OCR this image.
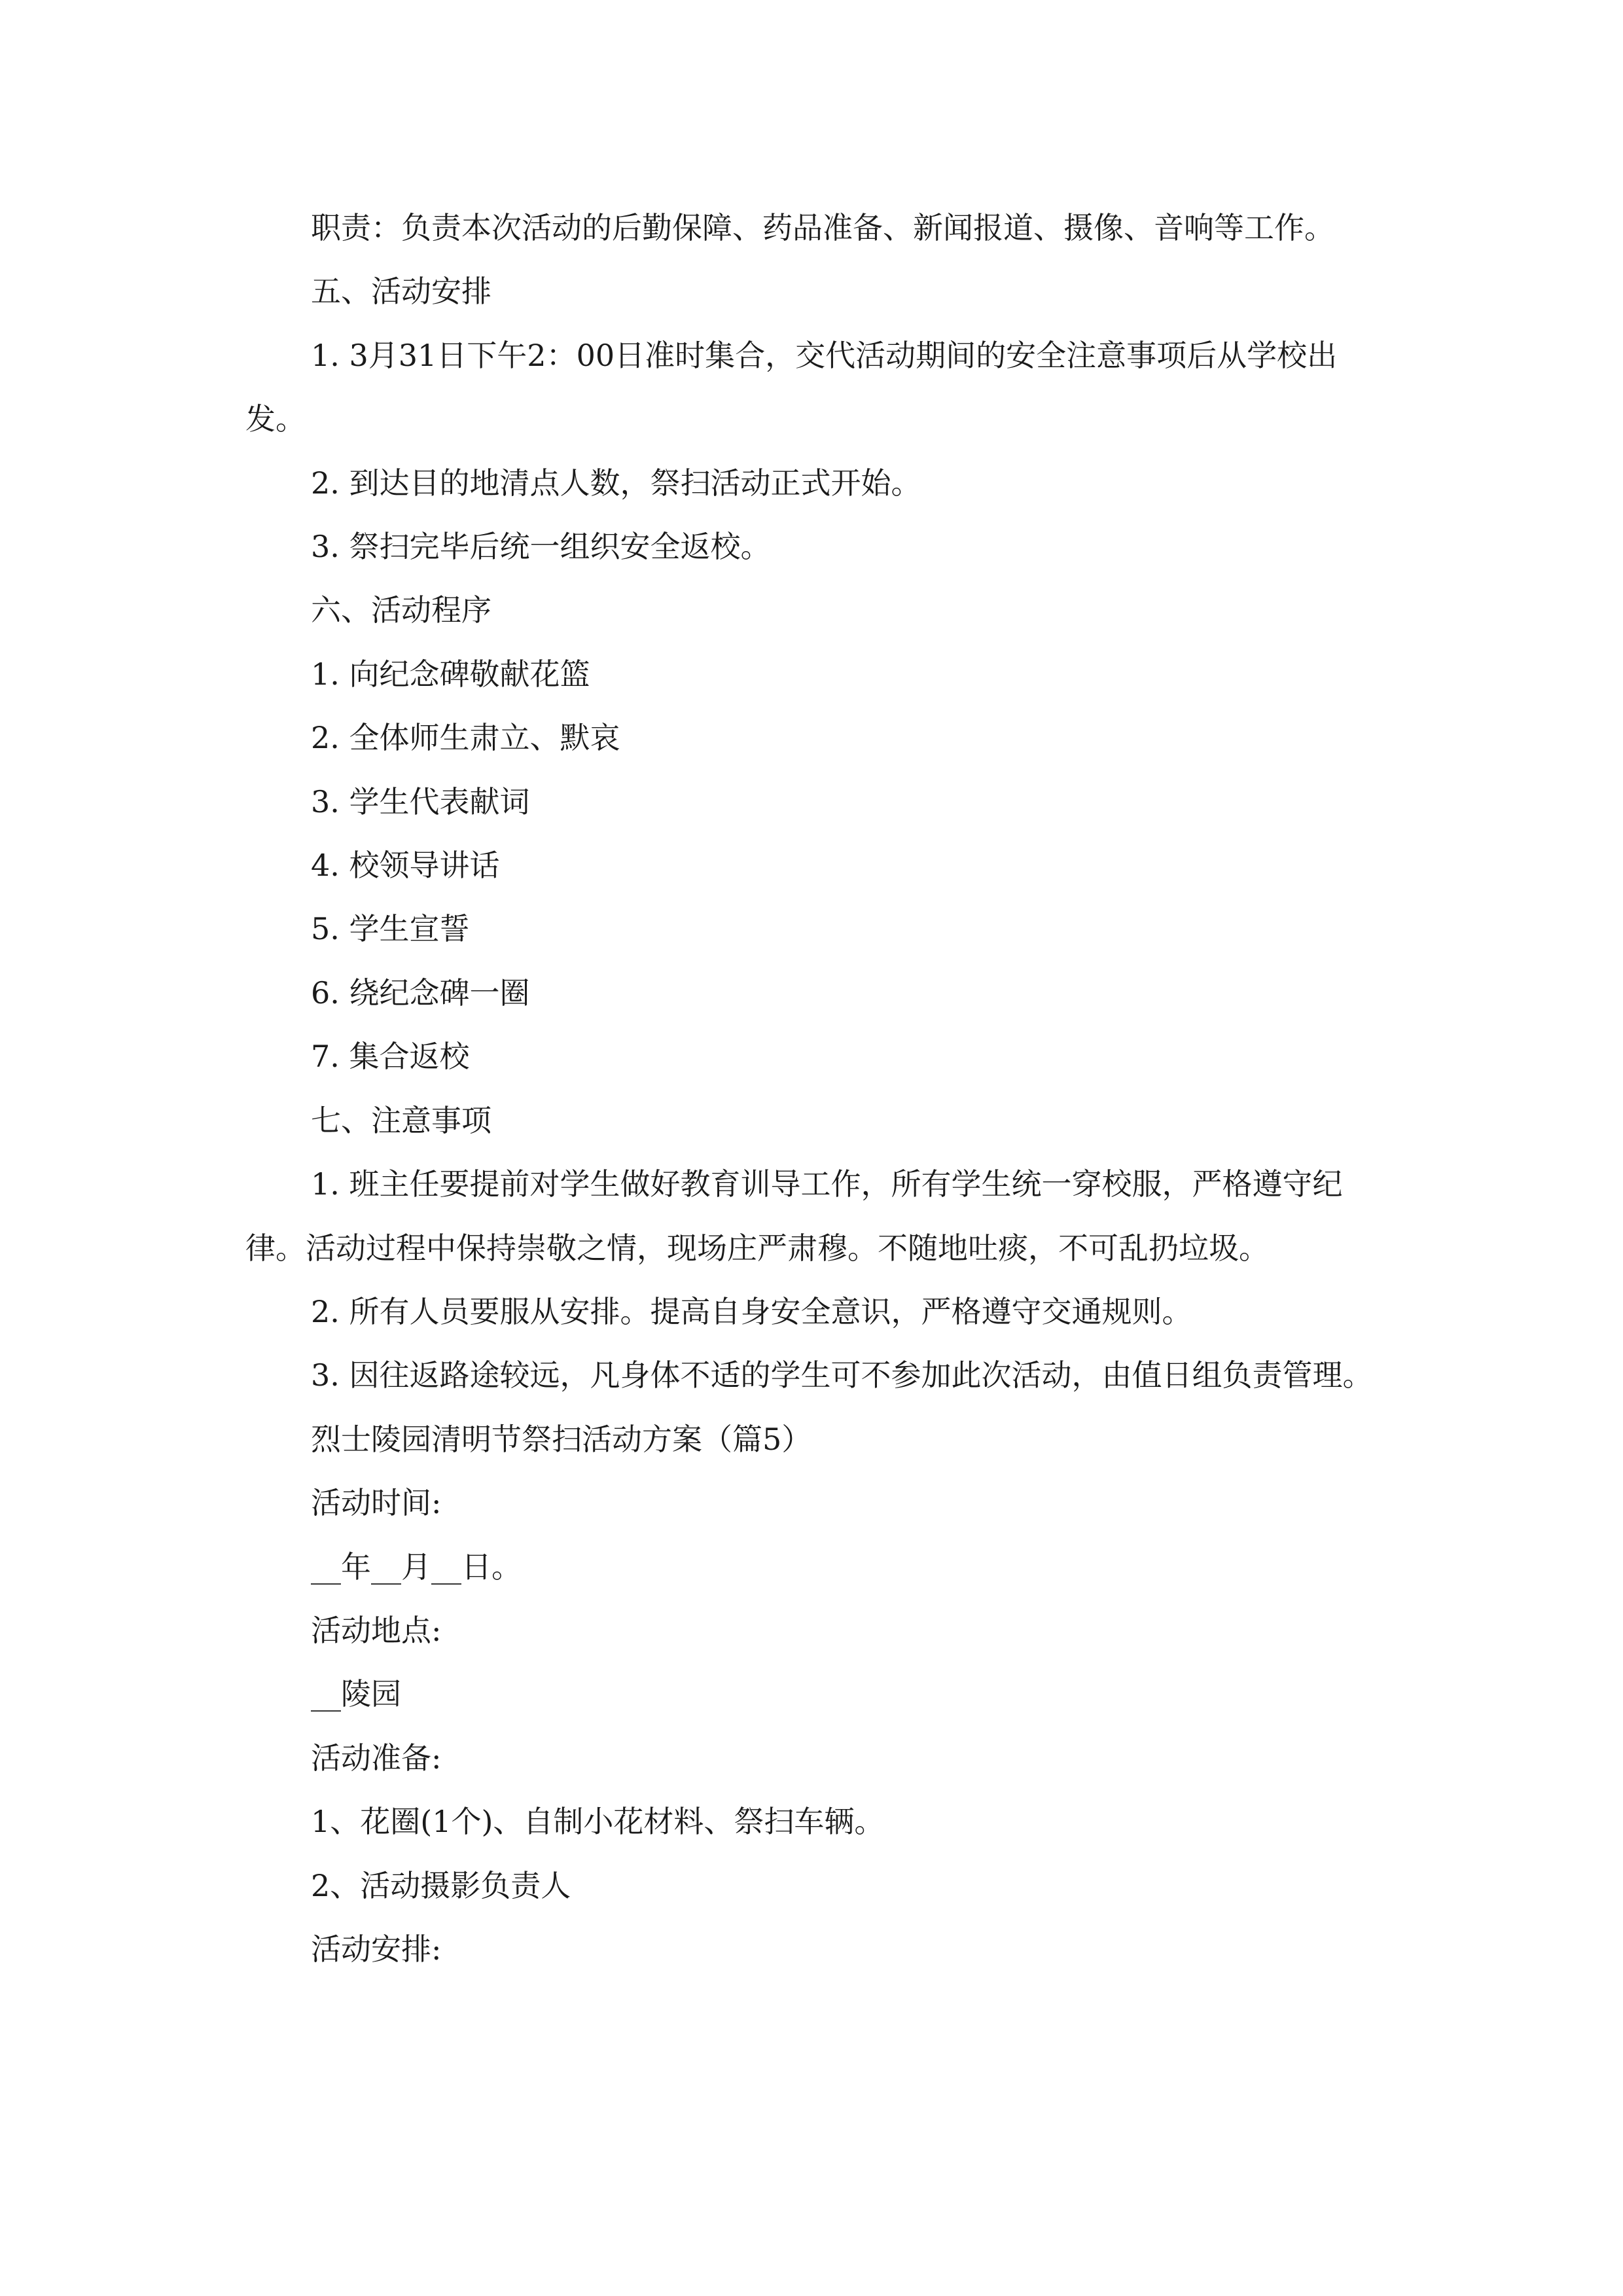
职责：负责本次活动的后勤保障、药品准备、新闻报道、摄像、音响等工作。

五、活动安排

1. 3月31日下午2：00日准时集合，交代活动期间的安全注意事项后从学校出发。

2. 到达目的地清点人数，祭扫活动正式开始。

3. 祭扫完毕后统一组织安全返校。

六、活动程序

1. 向纪念碑敬献花篮

2. 全体师生肃立、默哀

3. 学生代表献词

4. 校领导讲话

5. 学生宣誓

6. 绕纪念碑一圈

7. 集合返校

七、注意事项

1. 班主任要提前对学生做好教育训导工作，所有学生统一穿校服，严格遵守纪律。活动过程中保持崇敬之情，现场庄严肃穆。不随地吐痰，不可乱扔垃圾。

2. 所有人员要服从安排。提高自身安全意识，严格遵守交通规则。

3. 因往返路途较远，凡身体不适的学生可不参加此次活动，由值日组负责管理。

烈士陵园清明节祭扫活动方案（篇5）

活动时间:

__年__月__日。

活动地点:

__陵园

活动准备:

1、花圈(1个)、自制小花材料、祭扫车辆。

2、活动摄影负责人

活动安排:
